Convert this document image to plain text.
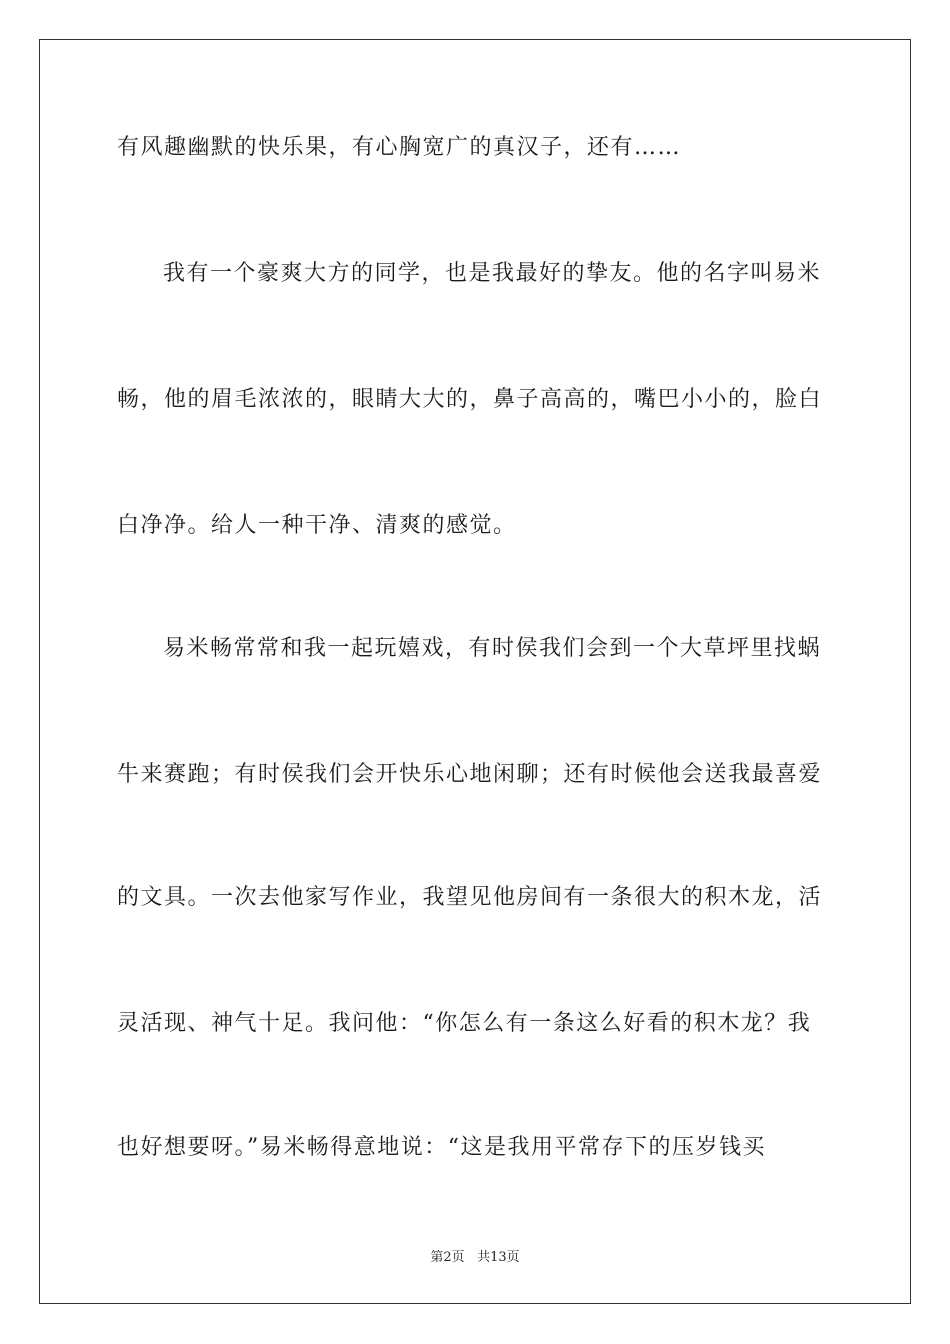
有风趣幽默的快乐果，有心胸宽广的真汉子，还有……
我有一个豪爽大方的同学，也是我最好的挚友。他的名字叫易米
畅，他的眉毛浓浓的，眼睛大大的，鼻子高高的，嘴巴小小的，脸白
白净净。给人一种干净、清爽的感觉。
易米畅常常和我一起玩嬉戏，有时侯我们会到一个大草坪里找蜗
牛来赛跑；有时侯我们会开快乐心地闲聊；还有时候他会送我最喜爱
的文具。一次去他家写作业，我望见他房间有一条很大的积木龙，活
灵活现、神气十足。我问他：“你怎么有一条这么好看的积木龙？我
也好想要呀。”易米畅得意地说：“这是我用平常存下的压岁钱买
第2页 共13页
